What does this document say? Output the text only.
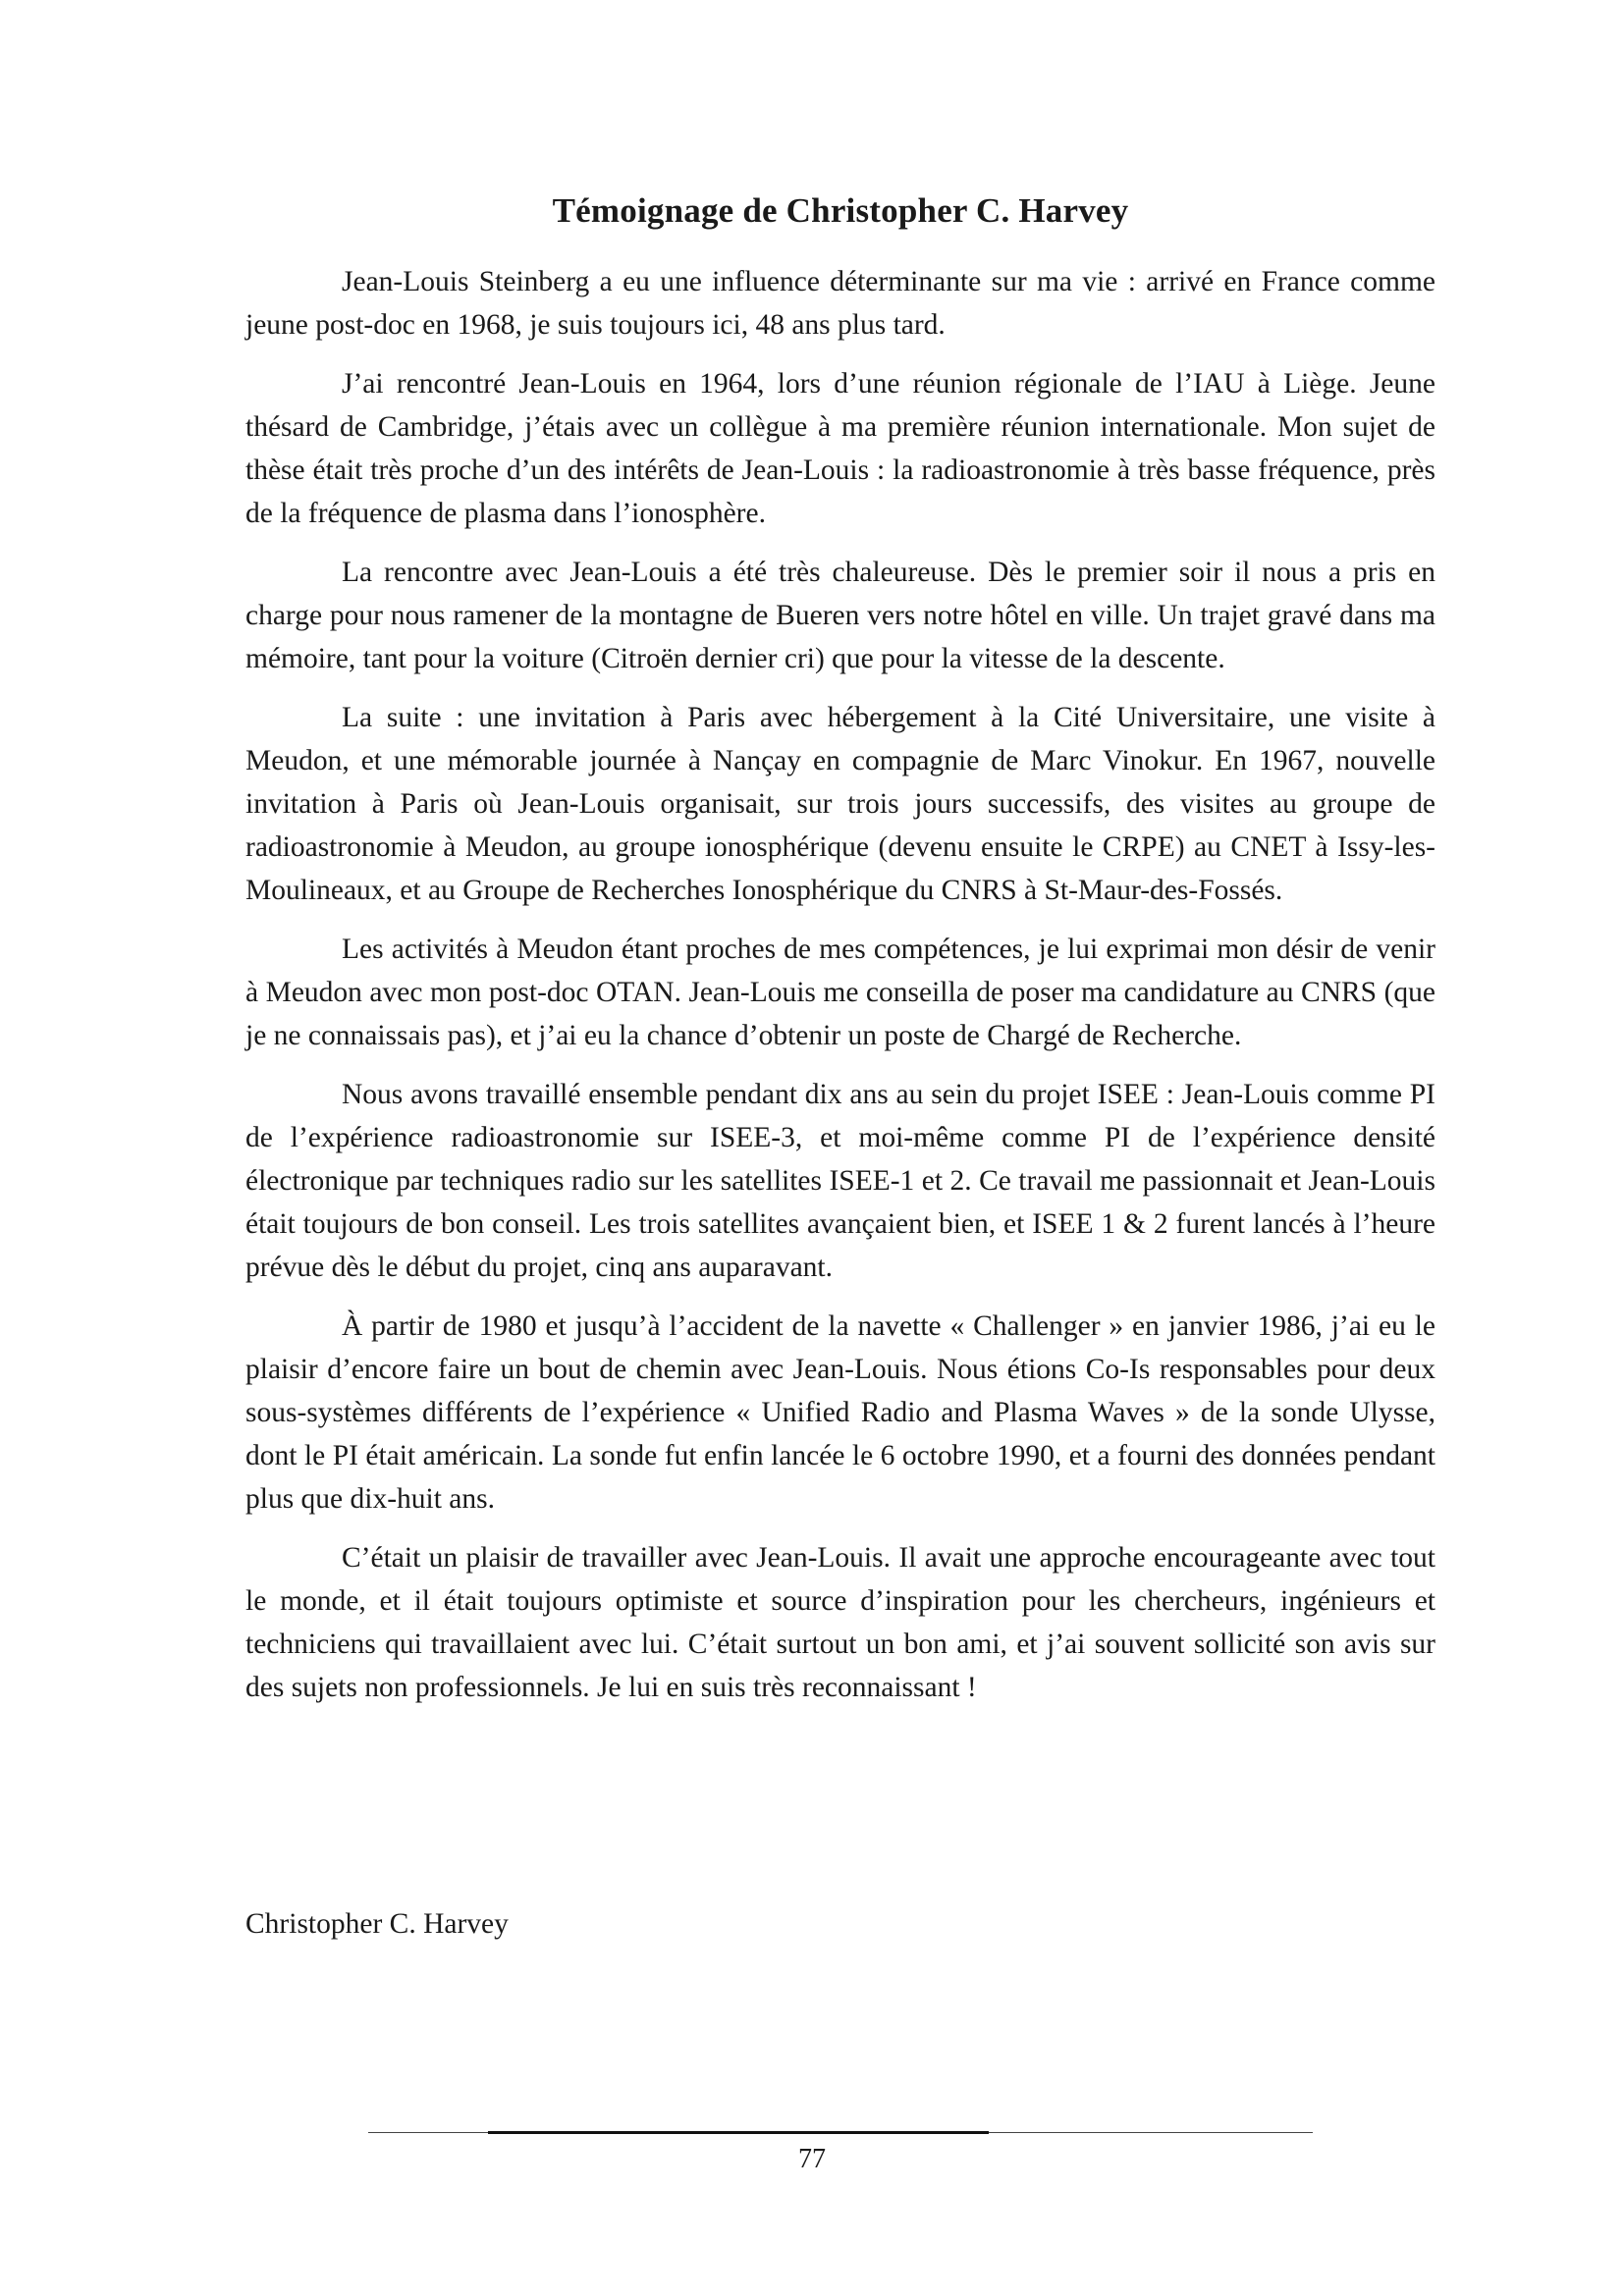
Témoignage de Christopher C. Harvey

Jean-Louis Steinberg a eu une influence déterminante sur ma vie : arrivé en France comme jeune post-doc en 1968, je suis toujours ici, 48 ans plus tard.

J’ai rencontré Jean-Louis en 1964, lors d’une réunion régionale de l’IAU à Liège. Jeune thésard de Cambridge, j’étais avec un collègue à ma première réunion internationale. Mon sujet de thèse était très proche d’un des intérêts de Jean-Louis : la radioastronomie à très basse fréquence, près de la fréquence de plasma dans l’ionosphère.

La rencontre avec Jean-Louis a été très chaleureuse. Dès le premier soir il nous a pris en charge pour nous ramener de la montagne de Bueren vers notre hôtel en ville. Un trajet gravé dans ma mémoire, tant pour la voiture (Citroën dernier cri) que pour la vitesse de la descente.

La suite : une invitation à Paris avec hébergement à la Cité Universitaire, une visite à Meudon, et une mémorable journée à Nançay en compagnie de Marc Vinokur. En 1967, nouvelle invitation à Paris où Jean-Louis organisait, sur trois jours successifs, des visites au groupe de radioastronomie à Meudon, au groupe ionosphérique (devenu ensuite le CRPE) au CNET à Issy-les-Moulineaux, et au Groupe de Recherches Ionosphérique du CNRS à St-Maur-des-Fossés.

Les activités à Meudon étant proches de mes compétences, je lui exprimai mon désir de venir à Meudon avec mon post-doc OTAN. Jean-Louis me conseilla de poser ma candidature au CNRS (que je ne connaissais pas), et j’ai eu la chance d’obtenir un poste de Chargé de Recherche.

Nous avons travaillé ensemble pendant dix ans au sein du projet ISEE : Jean-Louis comme PI de l’expérience radioastronomie sur ISEE-3, et moi-même comme PI de l’expérience densité électronique par techniques radio sur les satellites ISEE-1 et 2. Ce travail me passionnait et Jean-Louis était toujours de bon conseil. Les trois satellites avançaient bien, et ISEE 1 & 2 furent lancés à l’heure prévue dès le début du projet, cinq ans auparavant.

À partir de 1980 et jusqu’à l’accident de la navette « Challenger » en janvier 1986, j’ai eu le plaisir d’encore faire un bout de chemin avec Jean-Louis. Nous étions Co-Is responsables pour deux sous-systèmes différents de l’expérience « Unified Radio and Plasma Waves » de la sonde Ulysse, dont le PI était américain. La sonde fut enfin lancée le 6 octobre 1990, et a fourni des données pendant plus que dix-huit ans.

C’était un plaisir de travailler avec Jean-Louis. Il avait une approche encourageante avec tout le monde, et il était toujours optimiste et source d’inspiration pour les chercheurs, ingénieurs et techniciens qui travaillaient avec lui. C’était surtout un bon ami, et j’ai souvent sollicité son avis sur des sujets non professionnels. Je lui en suis très reconnaissant !

Christopher C. Harvey

77
